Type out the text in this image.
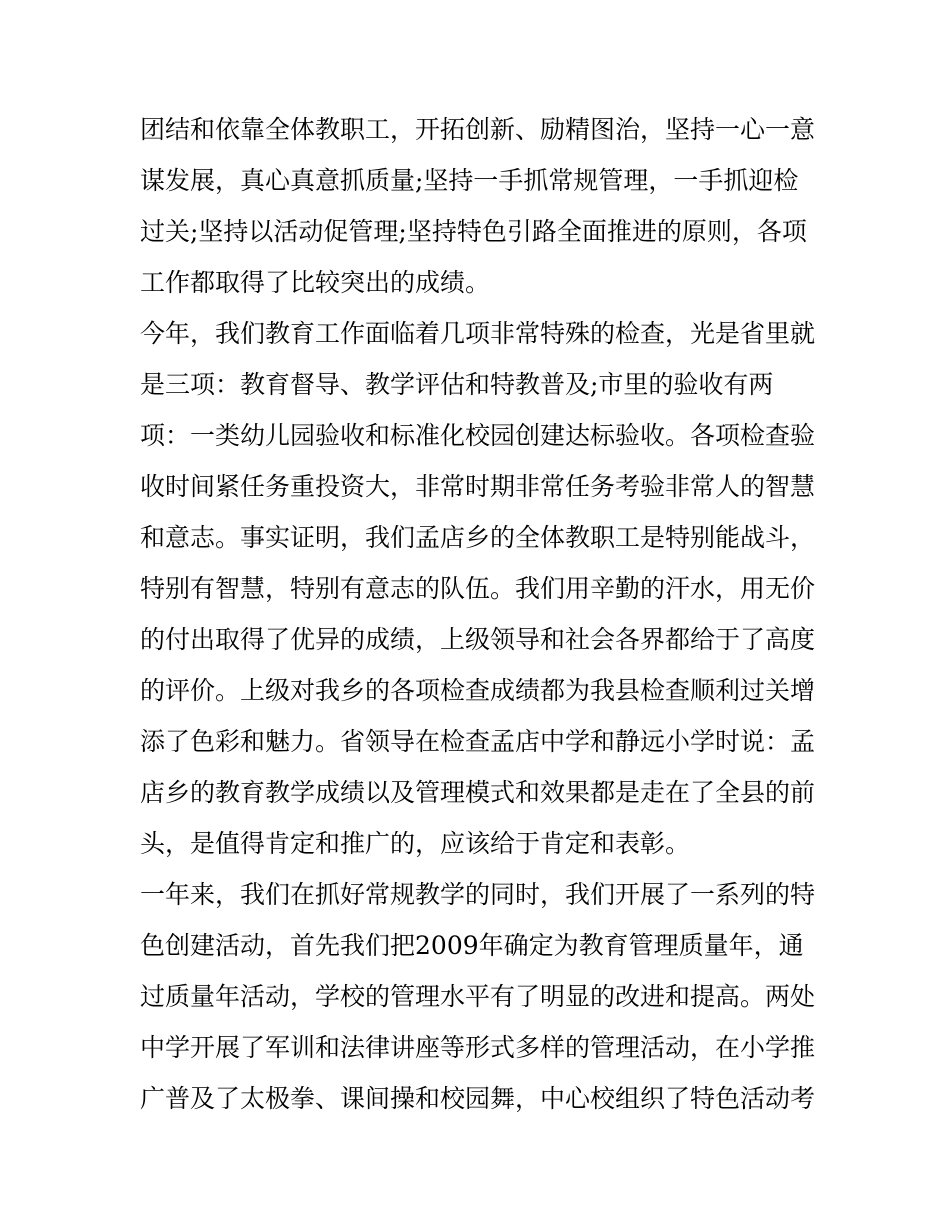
团结和依靠全体教职工，开拓创新、励精图治，坚持一心一意
谋发展，真心真意抓质量;坚持一手抓常规管理，一手抓迎检
过关;坚持以活动促管理;坚持特色引路全面推进的原则，各项
工作都取得了比较突出的成绩。
今年，我们教育工作面临着几项非常特殊的检查，光是省里就
是三项：教育督导、教学评估和特教普及;市里的验收有两
项：一类幼儿园验收和标准化校园创建达标验收。各项检查验
收时间紧任务重投资大，非常时期非常任务考验非常人的智慧
和意志。事实证明，我们孟店乡的全体教职工是特别能战斗，
特别有智慧，特别有意志的队伍。我们用辛勤的汗水，用无价
的付出取得了优异的成绩，上级领导和社会各界都给于了高度
的评价。上级对我乡的各项检查成绩都为我县检查顺利过关增
添了色彩和魅力。省领导在检查孟店中学和静远小学时说：孟
店乡的教育教学成绩以及管理模式和效果都是走在了全县的前
头，是值得肯定和推广的，应该给于肯定和表彰。
一年来，我们在抓好常规教学的同时，我们开展了一系列的特
色创建活动，首先我们把2009年确定为教育管理质量年，通
过质量年活动，学校的管理水平有了明显的改进和提高。两处
中学开展了军训和法律讲座等形式多样的管理活动，在小学推
广普及了太极拳、课间操和校园舞，中心校组织了特色活动考
